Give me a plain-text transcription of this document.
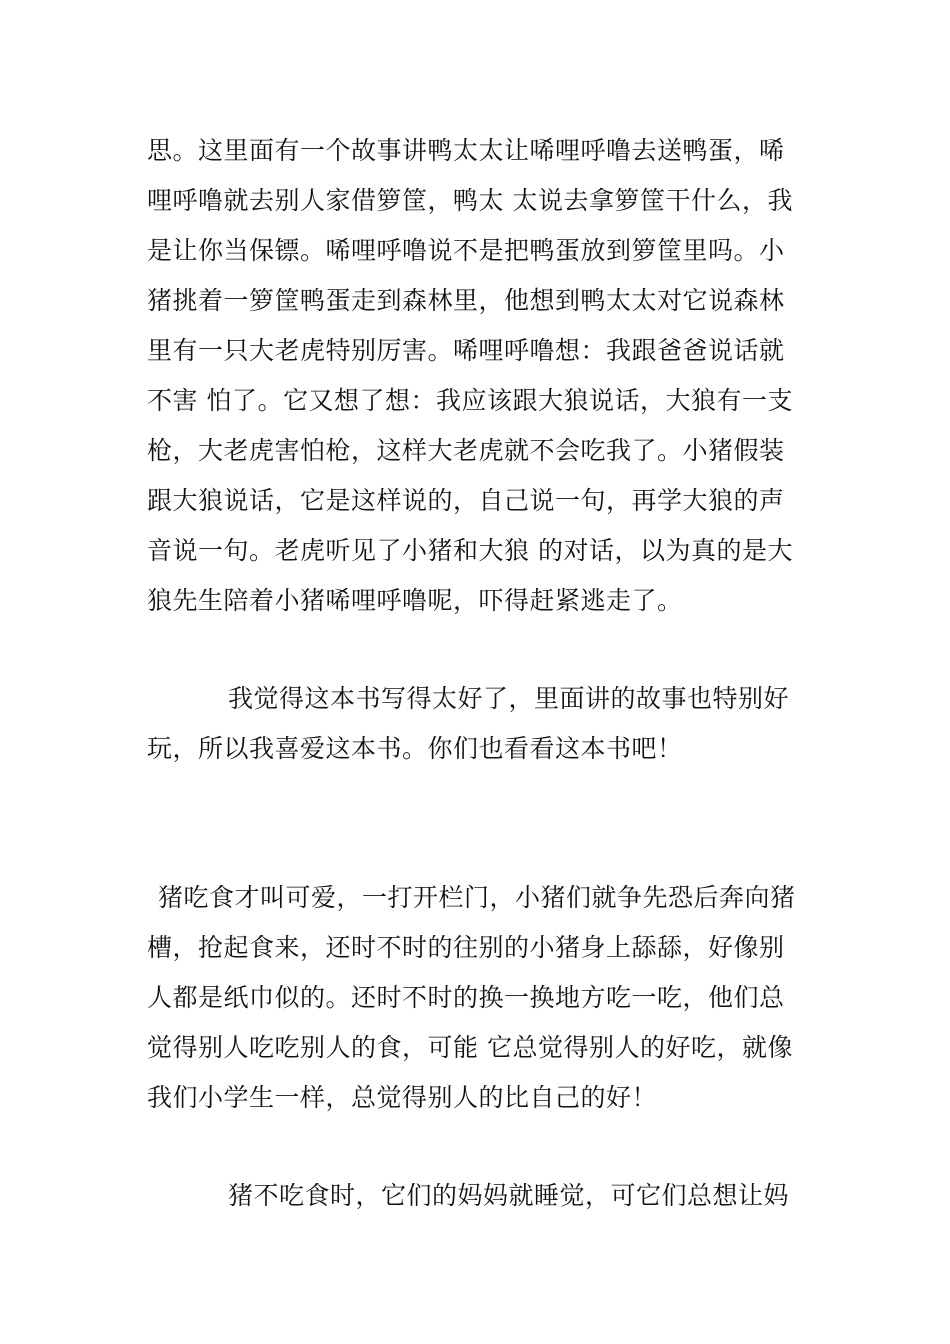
思。这里面有一个故事讲鸭太太让唏哩呼噜去送鸭蛋，唏
哩呼噜就去别人家借箩筐，鸭太 太说去拿箩筐干什么，我
是让你当保镖。唏哩呼噜说不是把鸭蛋放到箩筐里吗。小
猪挑着一箩筐鸭蛋走到森林里，他想到鸭太太对它说森林
里有一只大老虎特别厉害。唏哩呼噜想：我跟爸爸说话就
不害 怕了。它又想了想：我应该跟大狼说话，大狼有一支
枪，大老虎害怕枪，这样大老虎就不会吃我了。小猪假装
跟大狼说话，它是这样说的，自己说一句，再学大狼的声
音说一句。老虎听见了小猪和大狼 的对话，以为真的是大
狼先生陪着小猪唏哩呼噜呢，吓得赶紧逃走了。
我觉得这本书写得太好了，里面讲的故事也特别好
玩，所以我喜爱这本书。你们也看看这本书吧！
猪吃食才叫可爱，一打开栏门，小猪们就争先恐后奔向猪
槽，抢起食来，还时不时的往别的小猪身上舔舔，好像别
人都是纸巾似的。还时不时的换一换地方吃一吃，他们总
觉得别人吃吃别人的食，可能 它总觉得别人的好吃，就像
我们小学生一样，总觉得别人的比自己的好！
猪不吃食时，它们的妈妈就睡觉，可它们总想让妈
